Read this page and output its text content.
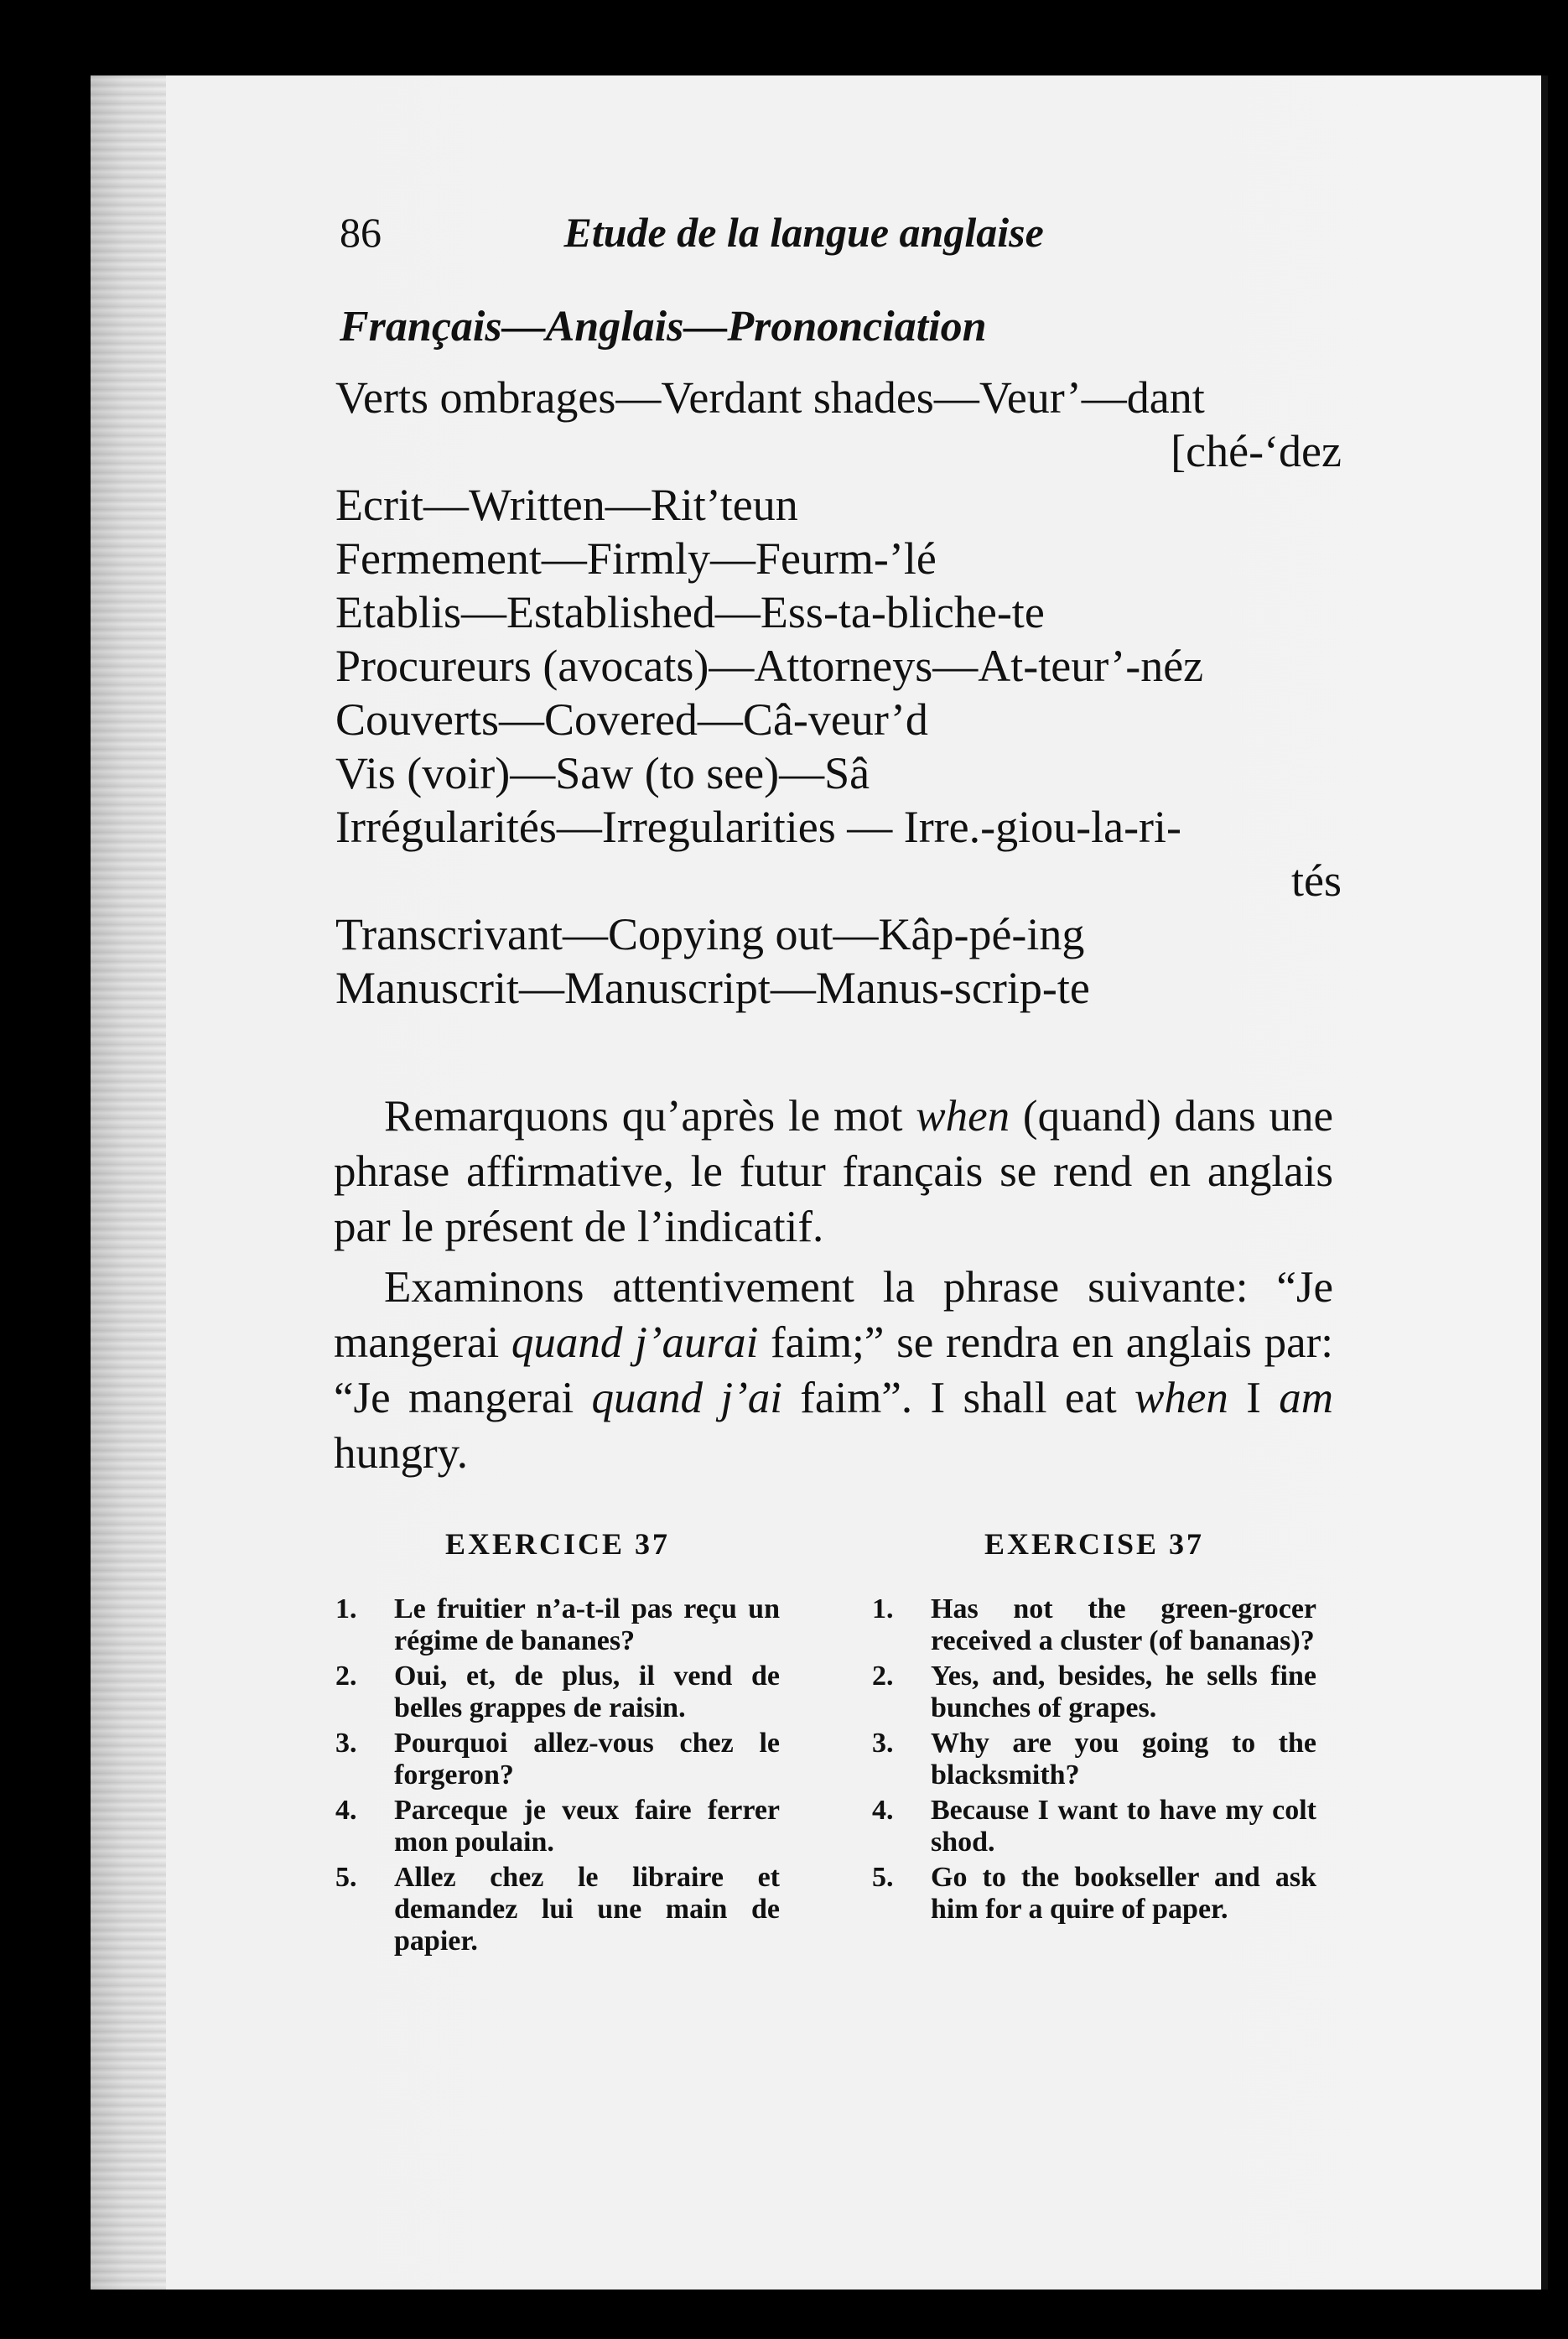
86	Etude de la langue anglaise
Français—Anglais—Prononciation
Verts ombrages—Verdant shades—Veur’—dant
[ché-‘dez
Ecrit—Written—Rit’teun
Fermement—Firmly—Feurm-’lé
Etablis—Established—Ess-ta-bliche-te
Procureurs (avocats)—Attorneys—At-teur’-néz
Couverts—Covered—Câ-veur’d
Vis (voir)—Saw (to see)—Sâ
Irrégularités—Irregularities — Irre.-giou-la-ri-
tés
Transcrivant—Copying out—Kâp-pé-ing
Manuscrit—Manuscript—Manus-scrip-te
Remarquons qu’après le mot when (quand) dans une phrase affirmative, le futur français se rend en anglais par le présent de l’indicatif.
Examinons attentivement la phrase suivante: “Je mangerai quand j’aurai faim;” se rendra en anglais par: “Je mangerai quand j’ai faim”. I shall eat when I am hungry.
EXERCICE 37
1.	Le fruitier n’a-t-il pas reçu un régime de bananes?
2.	Oui, et, de plus, il vend de belles grappes de raisin.
3.	Pourquoi allez-vous chez le forgeron?
4.	Parceque je veux faire ferrer mon poulain.
5.	Allez chez le libraire et demandez lui une main de papier.
EXERCISE 37
1.	Has not the green-grocer received a cluster (of bananas)?
2.	Yes, and, besides, he sells fine bunches of grapes.
3.	Why are you going to the blacksmith?
4.	Because I want to have my colt shod.
5.	Go to the bookseller and ask him for a quire of paper.
